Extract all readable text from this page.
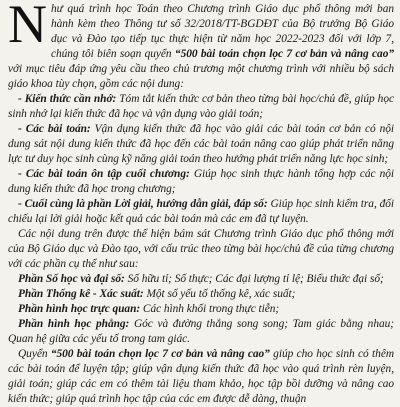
N hư quá trình học Toán theo Chương trình Giáo dục phổ thông mới ban hành kèm theo Thông tư số 32/2018/TT-BGDĐT của Bộ trưởng Bộ Giáo dục và Đào tạo tiếp tục thực hiện từ năm học 2022-2023 đối với lớp 7, chúng tôi biên soạn quyển “500 bài toán chọn lọc 7 cơ bản và nâng cao” với mục tiêu đáp ứng yêu cầu theo chủ trương một chương trình với nhiều bộ sách giáo khoa tùy chọn, gồm các nội dung:

- Kiến thức cần nhớ: Tóm tắt kiến thức cơ bản theo từng bài học/chủ đề, giúp học sinh nhớ lại kiến thức đã học và vận dụng vào giải toán;

- Các bài toán: Vận dụng kiến thức đã học vào giải các bài toán cơ bản có nội dung sát nội dung kiến thức đã học đến các bài toán nâng cao giúp phát triển năng lực tư duy học sinh cùng kỹ năng giải toán theo hướng phát triển năng lực học sinh;

- Các bài toán ôn tập cuối chương: Giúp học sinh thực hành tổng hợp các nội dung kiến thức đã học trong chương;

- Cuối cùng là phần Lời giải, hướng dẫn giải, đáp số: Giúp học sinh kiểm tra, đối chiếu lại lời giải hoặc kết quả các bài toán mà các em đã tự luyện.

Các nội dung trên được thể hiện bám sát Chương trình Giáo dục phổ thông mới của Bộ Giáo dục và Đào tạo, với cấu trúc theo từng bài học/chủ đề của từng chương với các phần cụ thể như sau:

Phần Số học và đại số: Số hữu tỉ; Số thực; Các đại lượng tỉ lệ; Biểu thức đại số;

Phần Thống kê - Xác suất: Một số yếu tố thống kê, xác suất;

Phần hình học trực quan: Các hình khối trong thực tiễn;

Phần hình học phẳng: Góc và đường thẳng song song; Tam giác bằng nhau; Quan hệ giữa các yếu tố trong tam giác.

Quyển “500 bài toán chọn lọc 7 cơ bản và nâng cao” giúp cho học sinh có thêm các bài toán để luyện tập; giúp vận dụng kiến thức đã học vào quá trình rèn luyện, giải toán; giúp các em có thêm tài liệu tham khảo, học tập bồi dưỡng và nâng cao kiến thức; giúp quá trình học tập của các em được dễ dàng, thuận
